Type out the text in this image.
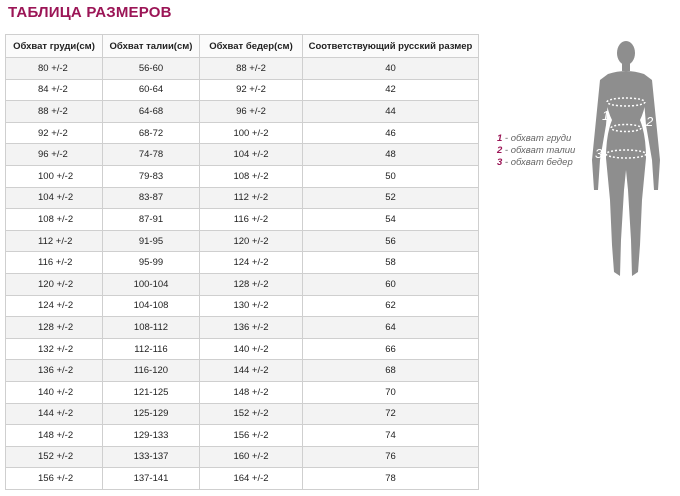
ТАБЛИЦА РАЗМЕРОВ
Обхват груди(см)	Обхват талии(см)	Обхват бедер(см)	Соответствующий русский размер
80 +/-2	56-60	88 +/-2	40
84 +/-2	60-64	92 +/-2	42
88 +/-2	64-68	96 +/-2	44
92 +/-2	68-72	100 +/-2	46
96 +/-2	74-78	104 +/-2	48
100 +/-2	79-83	108 +/-2	50
104 +/-2	83-87	112 +/-2	52
108 +/-2	87-91	116 +/-2	54
112 +/-2	91-95	120 +/-2	56
116 +/-2	95-99	124 +/-2	58
120 +/-2	100-104	128 +/-2	60
124 +/-2	104-108	130 +/-2	62
128 +/-2	108-112	136 +/-2	64
132 +/-2	112-116	140 +/-2	66
136 +/-2	116-120	144 +/-2	68
140 +/-2	121-125	148 +/-2	70
144 +/-2	125-129	152 +/-2	72
148 +/-2	129-133	156 +/-2	74
152 +/-2	133-137	160 +/-2	76
156 +/-2	137-141	164 +/-2	78
1	2
3
1 - обхват груди
2 - обхват талии
3 - обхват бедер
